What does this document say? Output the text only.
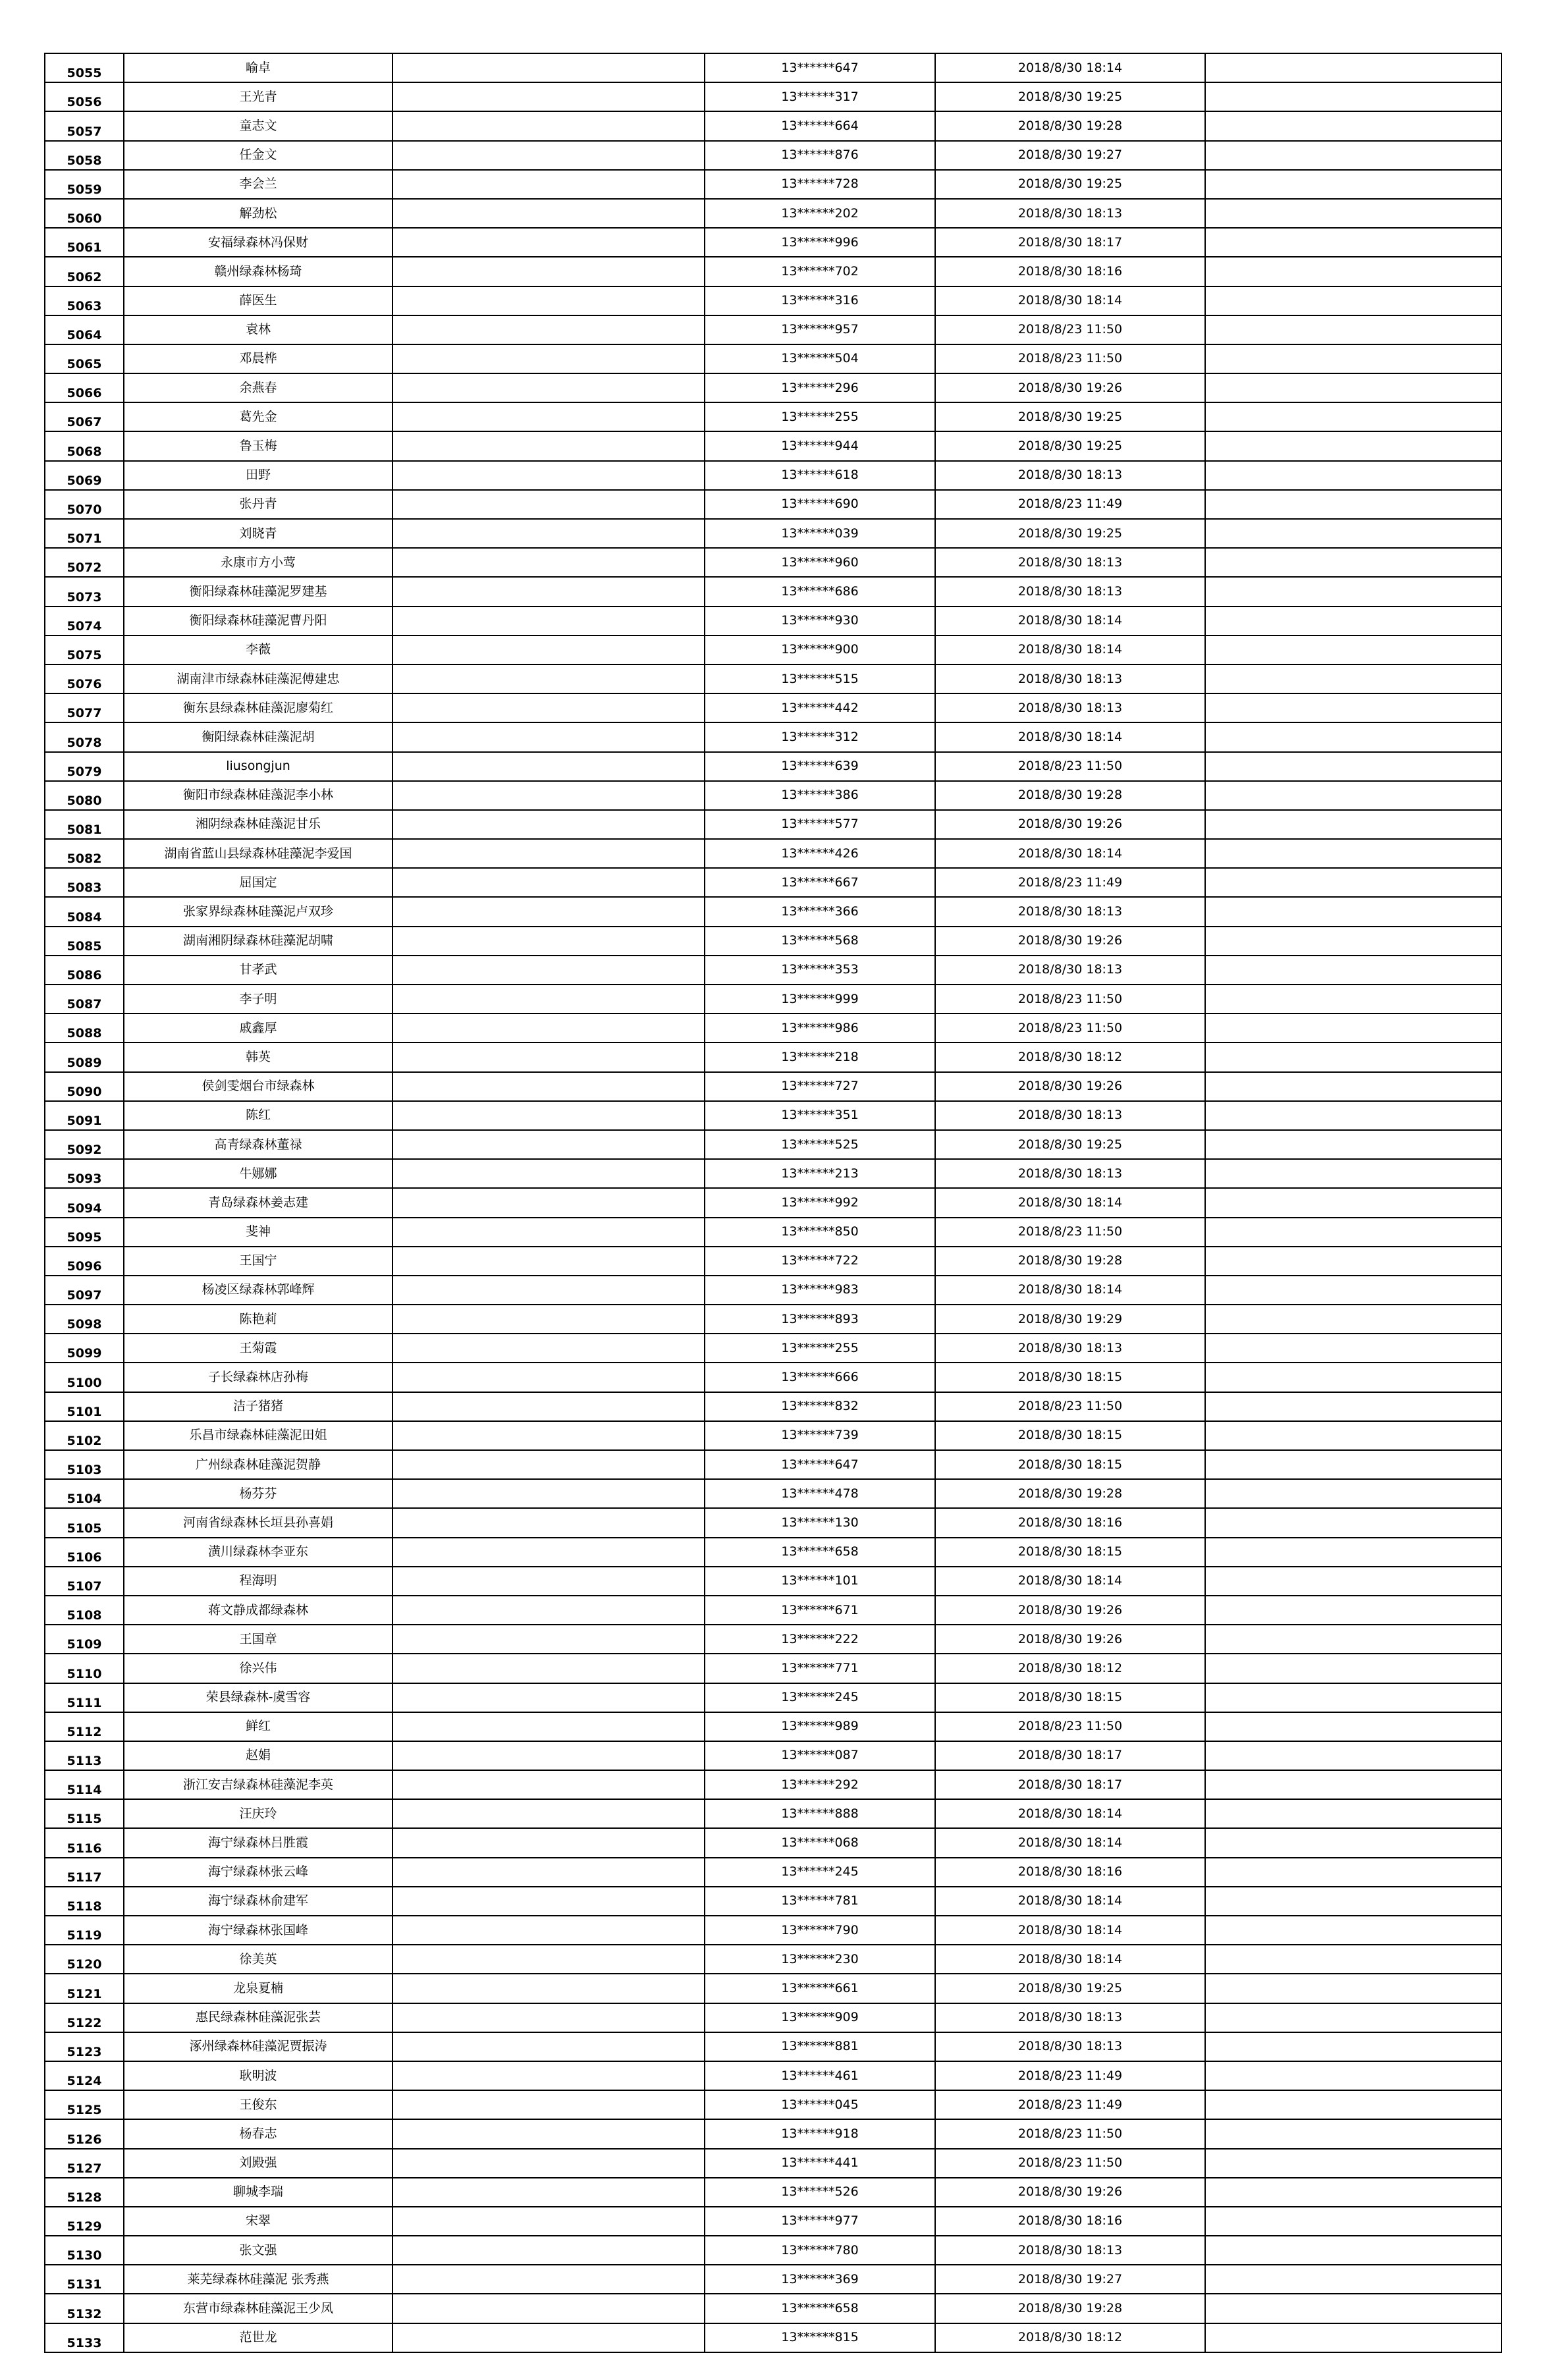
5055	喻卓		13******647	2018/8/30 18:14	
5056	王光青		13******317	2018/8/30 19:25	
5057	童志文		13******664	2018/8/30 19:28	
5058	任金文		13******876	2018/8/30 19:27	
5059	李会兰		13******728	2018/8/30 19:25	
5060	解劲松		13******202	2018/8/30 18:13	
5061	安福绿森林冯保财		13******996	2018/8/30 18:17	
5062	赣州绿森林杨琦		13******702	2018/8/30 18:16	
5063	薛医生		13******316	2018/8/30 18:14	
5064	袁林		13******957	2018/8/23 11:50	
5065	邓晨桦		13******504	2018/8/23 11:50	
5066	余燕春		13******296	2018/8/30 19:26	
5067	葛先金		13******255	2018/8/30 19:25	
5068	鲁玉梅		13******944	2018/8/30 19:25	
5069	田野		13******618	2018/8/30 18:13	
5070	张丹青		13******690	2018/8/23 11:49	
5071	刘晓青		13******039	2018/8/30 19:25	
5072	永康市方小莺		13******960	2018/8/30 18:13	
5073	衡阳绿森林硅藻泥罗建基		13******686	2018/8/30 18:13	
5074	衡阳绿森林硅藻泥曹丹阳		13******930	2018/8/30 18:14	
5075	李薇		13******900	2018/8/30 18:14	
5076	湖南津市绿森林硅藻泥傅建忠		13******515	2018/8/30 18:13	
5077	衡东县绿森林硅藻泥廖菊红		13******442	2018/8/30 18:13	
5078	衡阳绿森林硅藻泥胡		13******312	2018/8/30 18:14	
5079	liusongjun		13******639	2018/8/23 11:50	
5080	衡阳市绿森林硅藻泥李小林		13******386	2018/8/30 19:28	
5081	湘阴绿森林硅藻泥甘乐		13******577	2018/8/30 19:26	
5082	湖南省蓝山县绿森林硅藻泥李爱国		13******426	2018/8/30 18:14	
5083	屈国定		13******667	2018/8/23 11:49	
5084	张家界绿森林硅藻泥卢双珍		13******366	2018/8/30 18:13	
5085	湖南湘阴绿森林硅藻泥胡啸		13******568	2018/8/30 19:26	
5086	甘孝武		13******353	2018/8/30 18:13	
5087	李子明		13******999	2018/8/23 11:50	
5088	戚鑫厚		13******986	2018/8/23 11:50	
5089	韩英		13******218	2018/8/30 18:12	
5090	侯剑雯烟台市绿森林		13******727	2018/8/30 19:26	
5091	陈红		13******351	2018/8/30 18:13	
5092	高青绿森林董禄		13******525	2018/8/30 19:25	
5093	牛娜娜		13******213	2018/8/30 18:13	
5094	青岛绿森林姜志建		13******992	2018/8/30 18:14	
5095	斐神		13******850	2018/8/23 11:50	
5096	王国宁		13******722	2018/8/30 19:28	
5097	杨凌区绿森林郭峰辉		13******983	2018/8/30 18:14	
5098	陈艳莉		13******893	2018/8/30 19:29	
5099	王菊霞		13******255	2018/8/30 18:13	
5100	子长绿森林店孙梅		13******666	2018/8/30 18:15	
5101	洁子猪猪		13******832	2018/8/23 11:50	
5102	乐昌市绿森林硅藻泥田姐		13******739	2018/8/30 18:15	
5103	广州绿森林硅藻泥贺静		13******647	2018/8/30 18:15	
5104	杨芬芬		13******478	2018/8/30 19:28	
5105	河南省绿森林长垣县孙喜娟		13******130	2018/8/30 18:16	
5106	潢川绿森林李亚东		13******658	2018/8/30 18:15	
5107	程海明		13******101	2018/8/30 18:14	
5108	蒋文静成都绿森林		13******671	2018/8/30 19:26	
5109	王国章		13******222	2018/8/30 19:26	
5110	徐兴伟		13******771	2018/8/30 18:12	
5111	荣县绿森林-虞雪容		13******245	2018/8/30 18:15	
5112	鲜红		13******989	2018/8/23 11:50	
5113	赵娟		13******087	2018/8/30 18:17	
5114	浙江安吉绿森林硅藻泥李英		13******292	2018/8/30 18:17	
5115	汪庆玲		13******888	2018/8/30 18:14	
5116	海宁绿森林吕胜霞		13******068	2018/8/30 18:14	
5117	海宁绿森林张云峰		13******245	2018/8/30 18:16	
5118	海宁绿森林俞建军		13******781	2018/8/30 18:14	
5119	海宁绿森林张国峰		13******790	2018/8/30 18:14	
5120	徐美英		13******230	2018/8/30 18:14	
5121	龙泉夏楠		13******661	2018/8/30 19:25	
5122	惠民绿森林硅藻泥张芸		13******909	2018/8/30 18:13	
5123	涿州绿森林硅藻泥贾振涛		13******881	2018/8/30 18:13	
5124	耿明波		13******461	2018/8/23 11:49	
5125	王俊东		13******045	2018/8/23 11:49	
5126	杨春志		13******918	2018/8/23 11:50	
5127	刘殿强		13******441	2018/8/23 11:50	
5128	聊城李瑞		13******526	2018/8/30 19:26	
5129	宋翠		13******977	2018/8/30 18:16	
5130	张文强		13******780	2018/8/30 18:13	
5131	莱芜绿森林硅藻泥 张秀燕		13******369	2018/8/30 19:27	
5132	东营市绿森林硅藻泥王少凤		13******658	2018/8/30 19:28	
5133	范世龙		13******815	2018/8/30 18:12	
